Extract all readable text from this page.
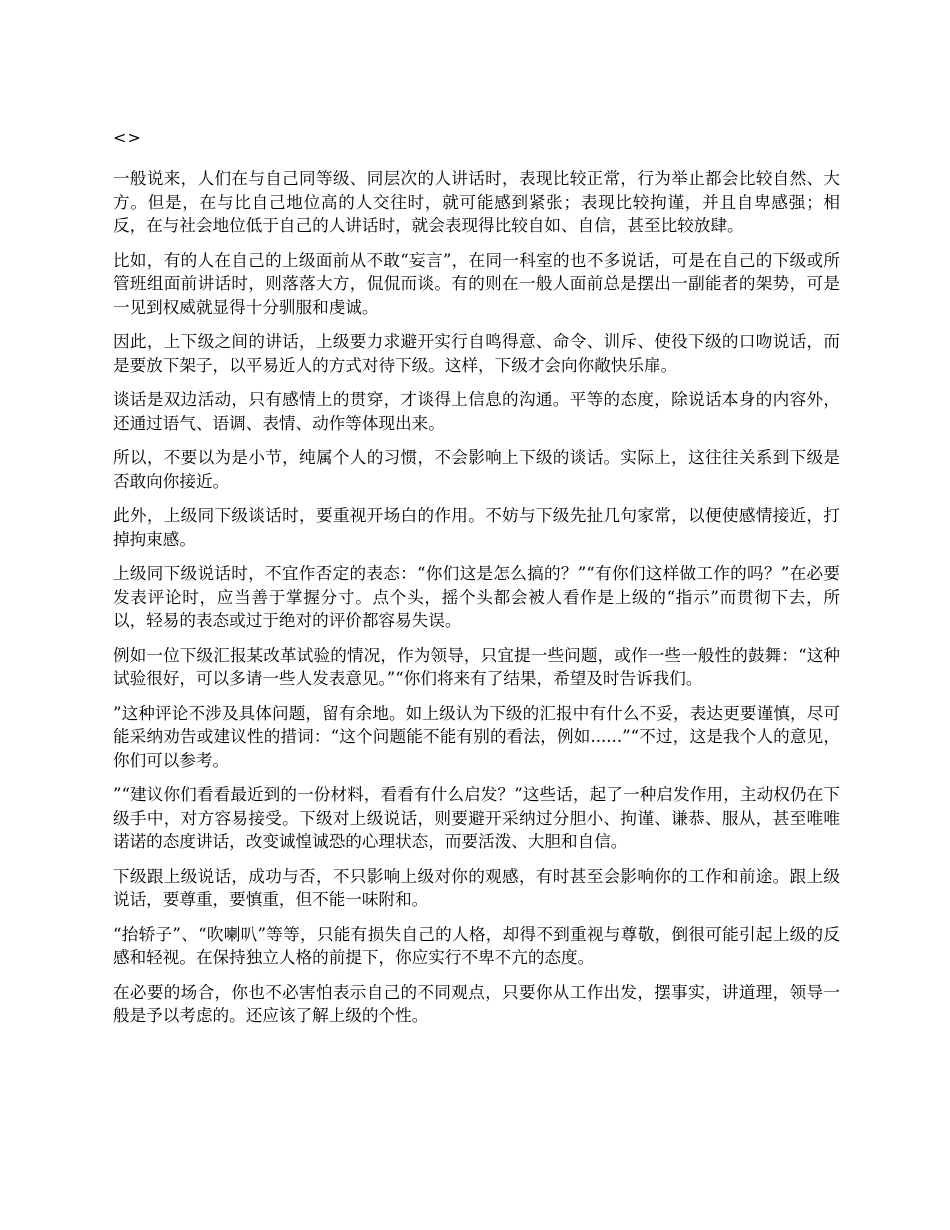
<>

一般说来，人们在与自己同等级、同层次的人讲话时，表现比较正常，行为举止都会比较自然、大方。但是，在与比自己地位高的人交往时，就可能感到紧张；表现比较拘谨，并且自卑感强；相反，在与社会地位低于自己的人讲话时，就会表现得比较自如、自信，甚至比较放肆。

比如，有的人在自己的上级面前从不敢“妄言”，在同一科室的也不多说话，可是在自己的下级或所管班组面前讲话时，则落落大方，侃侃而谈。有的则在一般人面前总是摆出一副能者的架势，可是一见到权威就显得十分驯服和虔诚。

因此，上下级之间的讲话，上级要力求避开实行自鸣得意、命令、训斥、使役下级的口吻说话，而是要放下架子，以平易近人的方式对待下级。这样，下级才会向你敞快乐扉。

谈话是双边活动，只有感情上的贯穿，才谈得上信息的沟通。平等的态度，除说话本身的内容外，还通过语气、语调、表情、动作等体现出来。

所以，不要以为是小节，纯属个人的习惯，不会影响上下级的谈话。实际上，这往往关系到下级是否敢向你接近。

此外，上级同下级谈话时，要重视开场白的作用。不妨与下级先扯几句家常，以便使感情接近，打掉拘束感。

上级同下级说话时，不宜作否定的表态：“你们这是怎么搞的？”“有你们这样做工作的吗？”在必要发表评论时，应当善于掌握分寸。点个头，摇个头都会被人看作是上级的“指示”而贯彻下去，所以，轻易的表态或过于绝对的评价都容易失误。

例如一位下级汇报某改革试验的情况，作为领导，只宜提一些问题，或作一些一般性的鼓舞：“这种试验很好，可以多请一些人发表意见。”“你们将来有了结果，希望及时告诉我们。

”这种评论不涉及具体问题，留有余地。如上级认为下级的汇报中有什么不妥，表达更要谨慎，尽可能采纳劝告或建议性的措词：“这个问题能不能有别的看法，例如......”“不过，这是我个人的意见，你们可以参考。

”“建议你们看看最近到的一份材料，看看有什么启发？”这些话，起了一种启发作用，主动权仍在下级手中，对方容易接受。下级对上级说话，则要避开采纳过分胆小、拘谨、谦恭、服从，甚至唯唯诺诺的态度讲话，改变诚惶诚恐的心理状态，而要活泼、大胆和自信。

下级跟上级说话，成功与否，不只影响上级对你的观感，有时甚至会影响你的工作和前途。跟上级说话，要尊重，要慎重，但不能一味附和。

“抬轿子”、“吹喇叭”等等，只能有损失自己的人格，却得不到重视与尊敬，倒很可能引起上级的反感和轻视。在保持独立人格的前提下，你应实行不卑不亢的态度。

在必要的场合，你也不必害怕表示自己的不同观点，只要你从工作出发，摆事实，讲道理，领导一般是予以考虑的。还应该了解上级的个性。
